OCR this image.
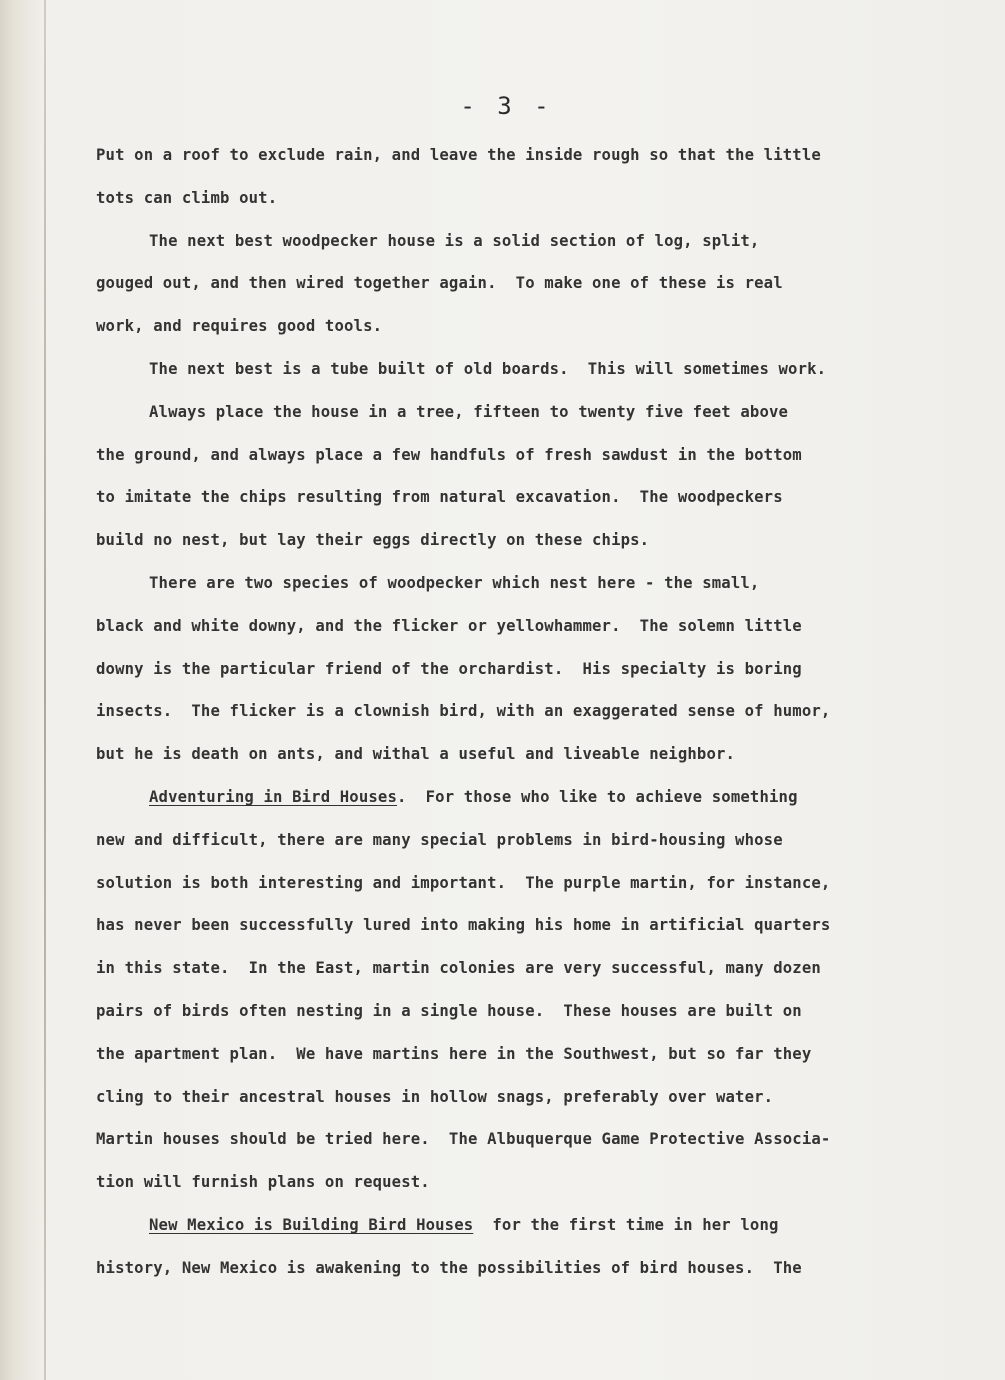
- 3 -
Put on a roof to exclude rain, and leave the inside rough so that the little
tots can climb out.
The next best woodpecker house is a solid section of log, split,
gouged out, and then wired together again.  To make one of these is real
work, and requires good tools.
The next best is a tube built of old boards.  This will sometimes work.
Always place the house in a tree, fifteen to twenty five feet above
the ground, and always place a few handfuls of fresh sawdust in the bottom
to imitate the chips resulting from natural excavation.  The woodpeckers
build no nest, but lay their eggs directly on these chips.
There are two species of woodpecker which nest here - the small,
black and white downy, and the flicker or yellowhammer.  The solemn little
downy is the particular friend of the orchardist.  His specialty is boring
insects.  The flicker is a clownish bird, with an exaggerated sense of humor,
but he is death on ants, and withal a useful and liveable neighbor.
Adventuring in Bird Houses.  For those who like to achieve something
new and difficult, there are many special problems in bird-housing whose
solution is both interesting and important.  The purple martin, for instance,
has never been successfully lured into making his home in artificial quarters
in this state.  In the East, martin colonies are very successful, many dozen
pairs of birds often nesting in a single house.  These houses are built on
the apartment plan.  We have martins here in the Southwest, but so far they
cling to their ancestral houses in hollow snags, preferably over water.
Martin houses should be tried here.  The Albuquerque Game Protective Associa-
tion will furnish plans on request.
New Mexico is Building Bird Houses  for the first time in her long
history, New Mexico is awakening to the possibilities of bird houses.  The
